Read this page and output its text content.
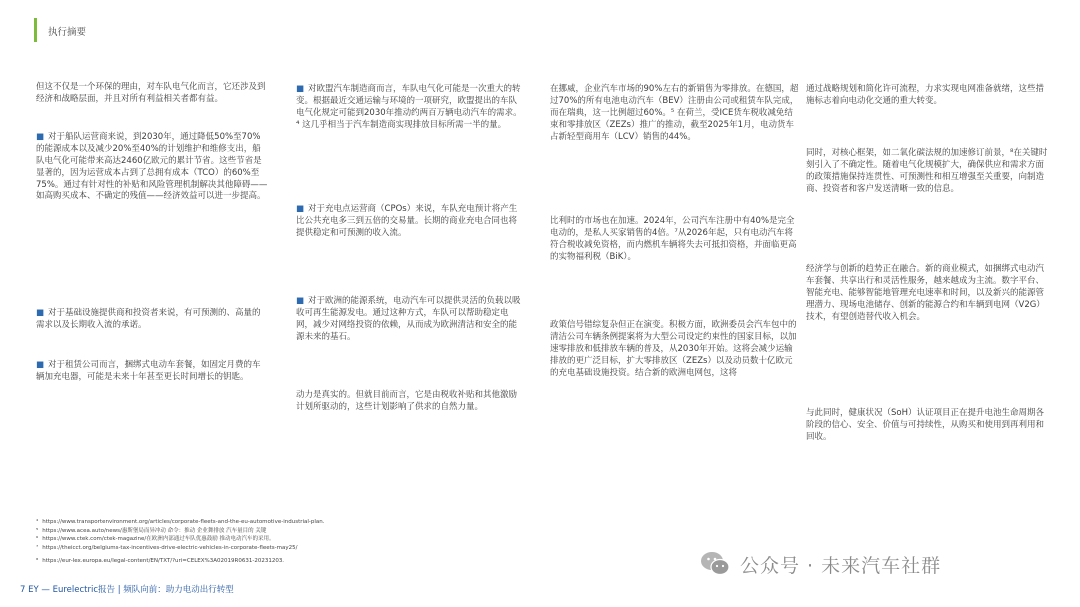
执行摘要

但这不仅是一个环保的理由，对车队电气化而言，它还涉及到经济和战略层面，并且对所有利益相关者都有益。

■ 对于船队运营商来说，到2030年，通过降低50%至70%的能源成本以及减少20%至40%的计划维护和维修支出，船队电气化可能带来高达2460亿欧元的累计节省。这些节省是显著的，因为运营成本占到了总拥有成本（TCO）的60%至75%。通过有针对性的补贴和风险管理机制解决其他障碍——如高购买成本、不确定的残值——经济效益可以进一步提高。

■ 对于基础设施提供商和投资者来说，有可预测的、高量的需求以及长期收入流的承诺。

■ 对于租赁公司而言，捆绑式电动车套餐，如固定月费的车辆加充电器，可能是未来十年甚至更长时间增长的钥匙。

■ 对欧盟汽车制造商而言，车队电气化可能是一次重大的转变。根据最近交通运输与环境的一项研究，欧盟提出的车队电气化规定可能到2030年推动约两百万辆电动汽车的需求。⁴ 这几乎相当于汽车制造商实现排放目标所需一半的量。

■ 对于充电点运营商（CPOs）来说，车队充电预计将产生比公共充电多三到五倍的交易量。长期的商业充电合同也将提供稳定和可预测的收入流。

■ 对于欧洲的能源系统，电动汽车可以提供灵活的负载以吸收可再生能源发电。通过这种方式，车队可以帮助稳定电网，减少对网络投资的依赖，从而成为欧洲清洁和安全的能源未来的基石。

动力是真实的。但就目前而言，它是由税收补贴和其他激励计划所驱动的，这些计划影响了供求的自然力量。

在挪威，企业汽车市场的90%左右的新销售为零排放。在德国，超过70%的所有电池电动汽车（BEV）注册由公司或租赁车队完成，而在瑞典，这一比例超过60%。⁵ 在荷兰，受ICE货车税收减免结束和零排放区（ZEZs）推广的推动，截至2025年1月，电动货车占新轻型商用车（LCV）销售的44%。

比利时的市场也在加速。2024年，公司汽车注册中有40%是完全电动的，是私人买家销售的4倍。⁷从2026年起，只有电动汽车将符合税收减免资格，而内燃机车辆将失去可抵扣资格，并面临更高的实物福利税（BiK）。

政策信号错综复杂但正在演变。积极方面，欧洲委员会汽车包中的清洁公司车辆条例提案将为大型公司设定约束性的国家目标，以加速零排放和低排放车辆的普及，从2030年开始。这将会减少运输排放的更广泛目标，扩大零排放区（ZEZs）以及动员数十亿欧元的充电基础设施投资。结合新的欧洲电网包，这将

通过战略规划和简化许可流程，力求实现电网准备就绪，这些措施标志着向电动化交通的重大转变。

同时，对核心框架，如二氧化碳法规的加速修订前景，⁸在关键时刻引入了不确定性。随着电气化规模扩大，确保供应和需求方面的政策措施保持连贯性、可预测性和相互增强至关重要，向制造商、投资者和客户发送清晰一致的信息。

经济学与创新的趋势正在融合。新的商业模式，如捆绑式电动汽车套餐、共享出行和灵活性服务，越来越成为主流。数字平台、智能充电、能够智能地管理充电速率和时间，以及新兴的能源管理潜力、现场电池储存、创新的能源合约和车辆到电网（V2G）技术，有望创造替代收入机会。

与此同时，健康状况（SoH）认证项目正在提升电池生命周期各阶段的信心、安全、价值与可持续性，从购买和使用到再利用和回收。

⁴ https://www.transportenvironment.org/articles/corporate-fleets-and-the-eu-automotive-industrial-plan.
⁵ https://www.acea.auto/news/惠斯堡局而异冲动 命令：推动 企业舞排放 汽车量目的 关键
⁶ https://www.ctek.com/ctek-magazine/在欧洲内部通过车队优惠鼓励 推动电动汽车的采用。
⁷ https://theicct.org/belgiums-tax-incentives-drive-electric-vehicles-in-corporate-fleets-may25/
⁸ https://eur-lex.europa.eu/legal-content/EN/TXT/?uri=CELEX%3A02019R0631-20231203.
7 EY — Eurelectric报告 | 频队向前：助力电动出行转型
公众号 · 未来汽车社群
